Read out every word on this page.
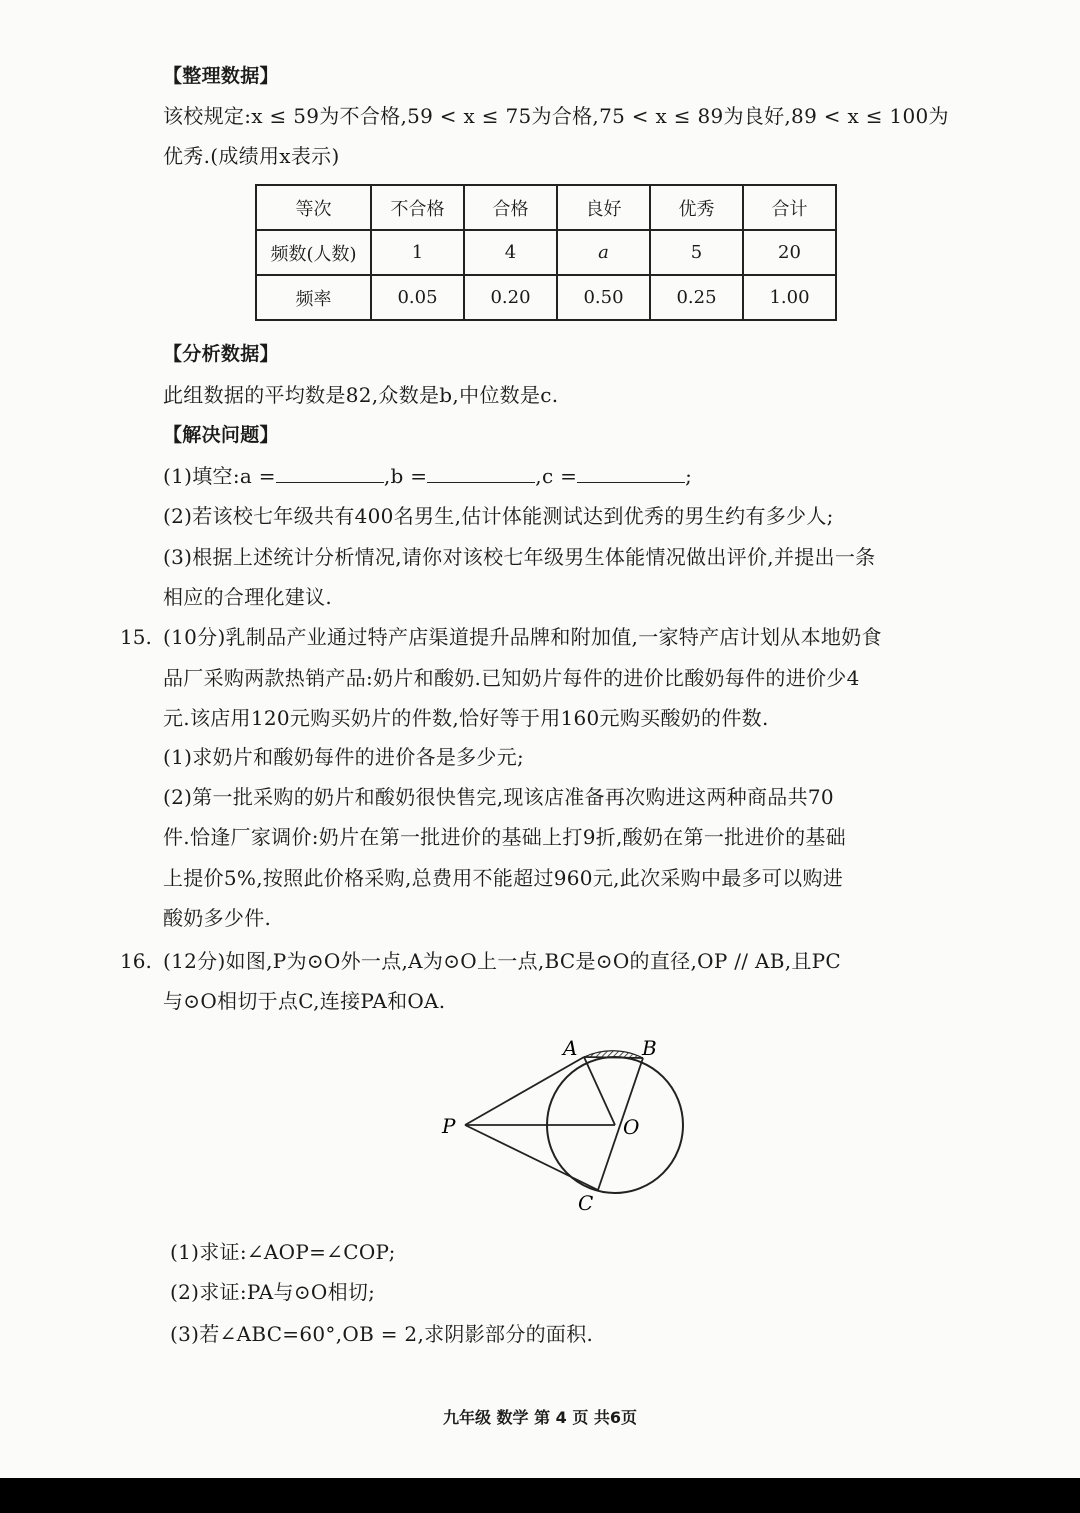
【整理数据】
该校规定:x ≤ 59为不合格,59 < x ≤ 75为合格,75 < x ≤ 89为良好,89 < x ≤ 100为
优秀.(成绩用x表示)
等次	不合格	合格	良好	优秀	合计
频数(人数)	1	4	a	5	20
频率	0.05	0.20	0.50	0.25	1.00
【分析数据】
此组数据的平均数是82,众数是b,中位数是c.
【解决问题】
(1)填空:a =	,b =	,c =	;
(2)若该校七年级共有400名男生,估计体能测试达到优秀的男生约有多少人;
(3)根据上述统计分析情况,请你对该校七年级男生体能情况做出评价,并提出一条
相应的合理化建议.
15. (10分)乳制品产业通过特产店渠道提升品牌和附加值,一家特产店计划从本地奶食
品厂采购两款热销产品:奶片和酸奶.已知奶片每件的进价比酸奶每件的进价少4
元.该店用120元购买奶片的件数,恰好等于用160元购买酸奶的件数.
(1)求奶片和酸奶每件的进价各是多少元;
(2)第一批采购的奶片和酸奶很快售完,现该店准备再次购进这两种商品共70
件.恰逢厂家调价:奶片在第一批进价的基础上打9折,酸奶在第一批进价的基础
上提价5%,按照此价格采购,总费用不能超过960元,此次采购中最多可以购进
酸奶多少件.
16. (12分)如图,P为⊙O外一点,A为⊙O上一点,BC是⊙O的直径,OP // AB,且PC
与⊙O相切于点C,连接PA和OA.
A	B
P	O
C
(1)求证:∠AOP=∠COP;
(2)求证:PA与⊙O相切;
(3)若∠ABC=60°,OB = 2,求阴影部分的面积.
九年级 数学 第 4 页 共6页
